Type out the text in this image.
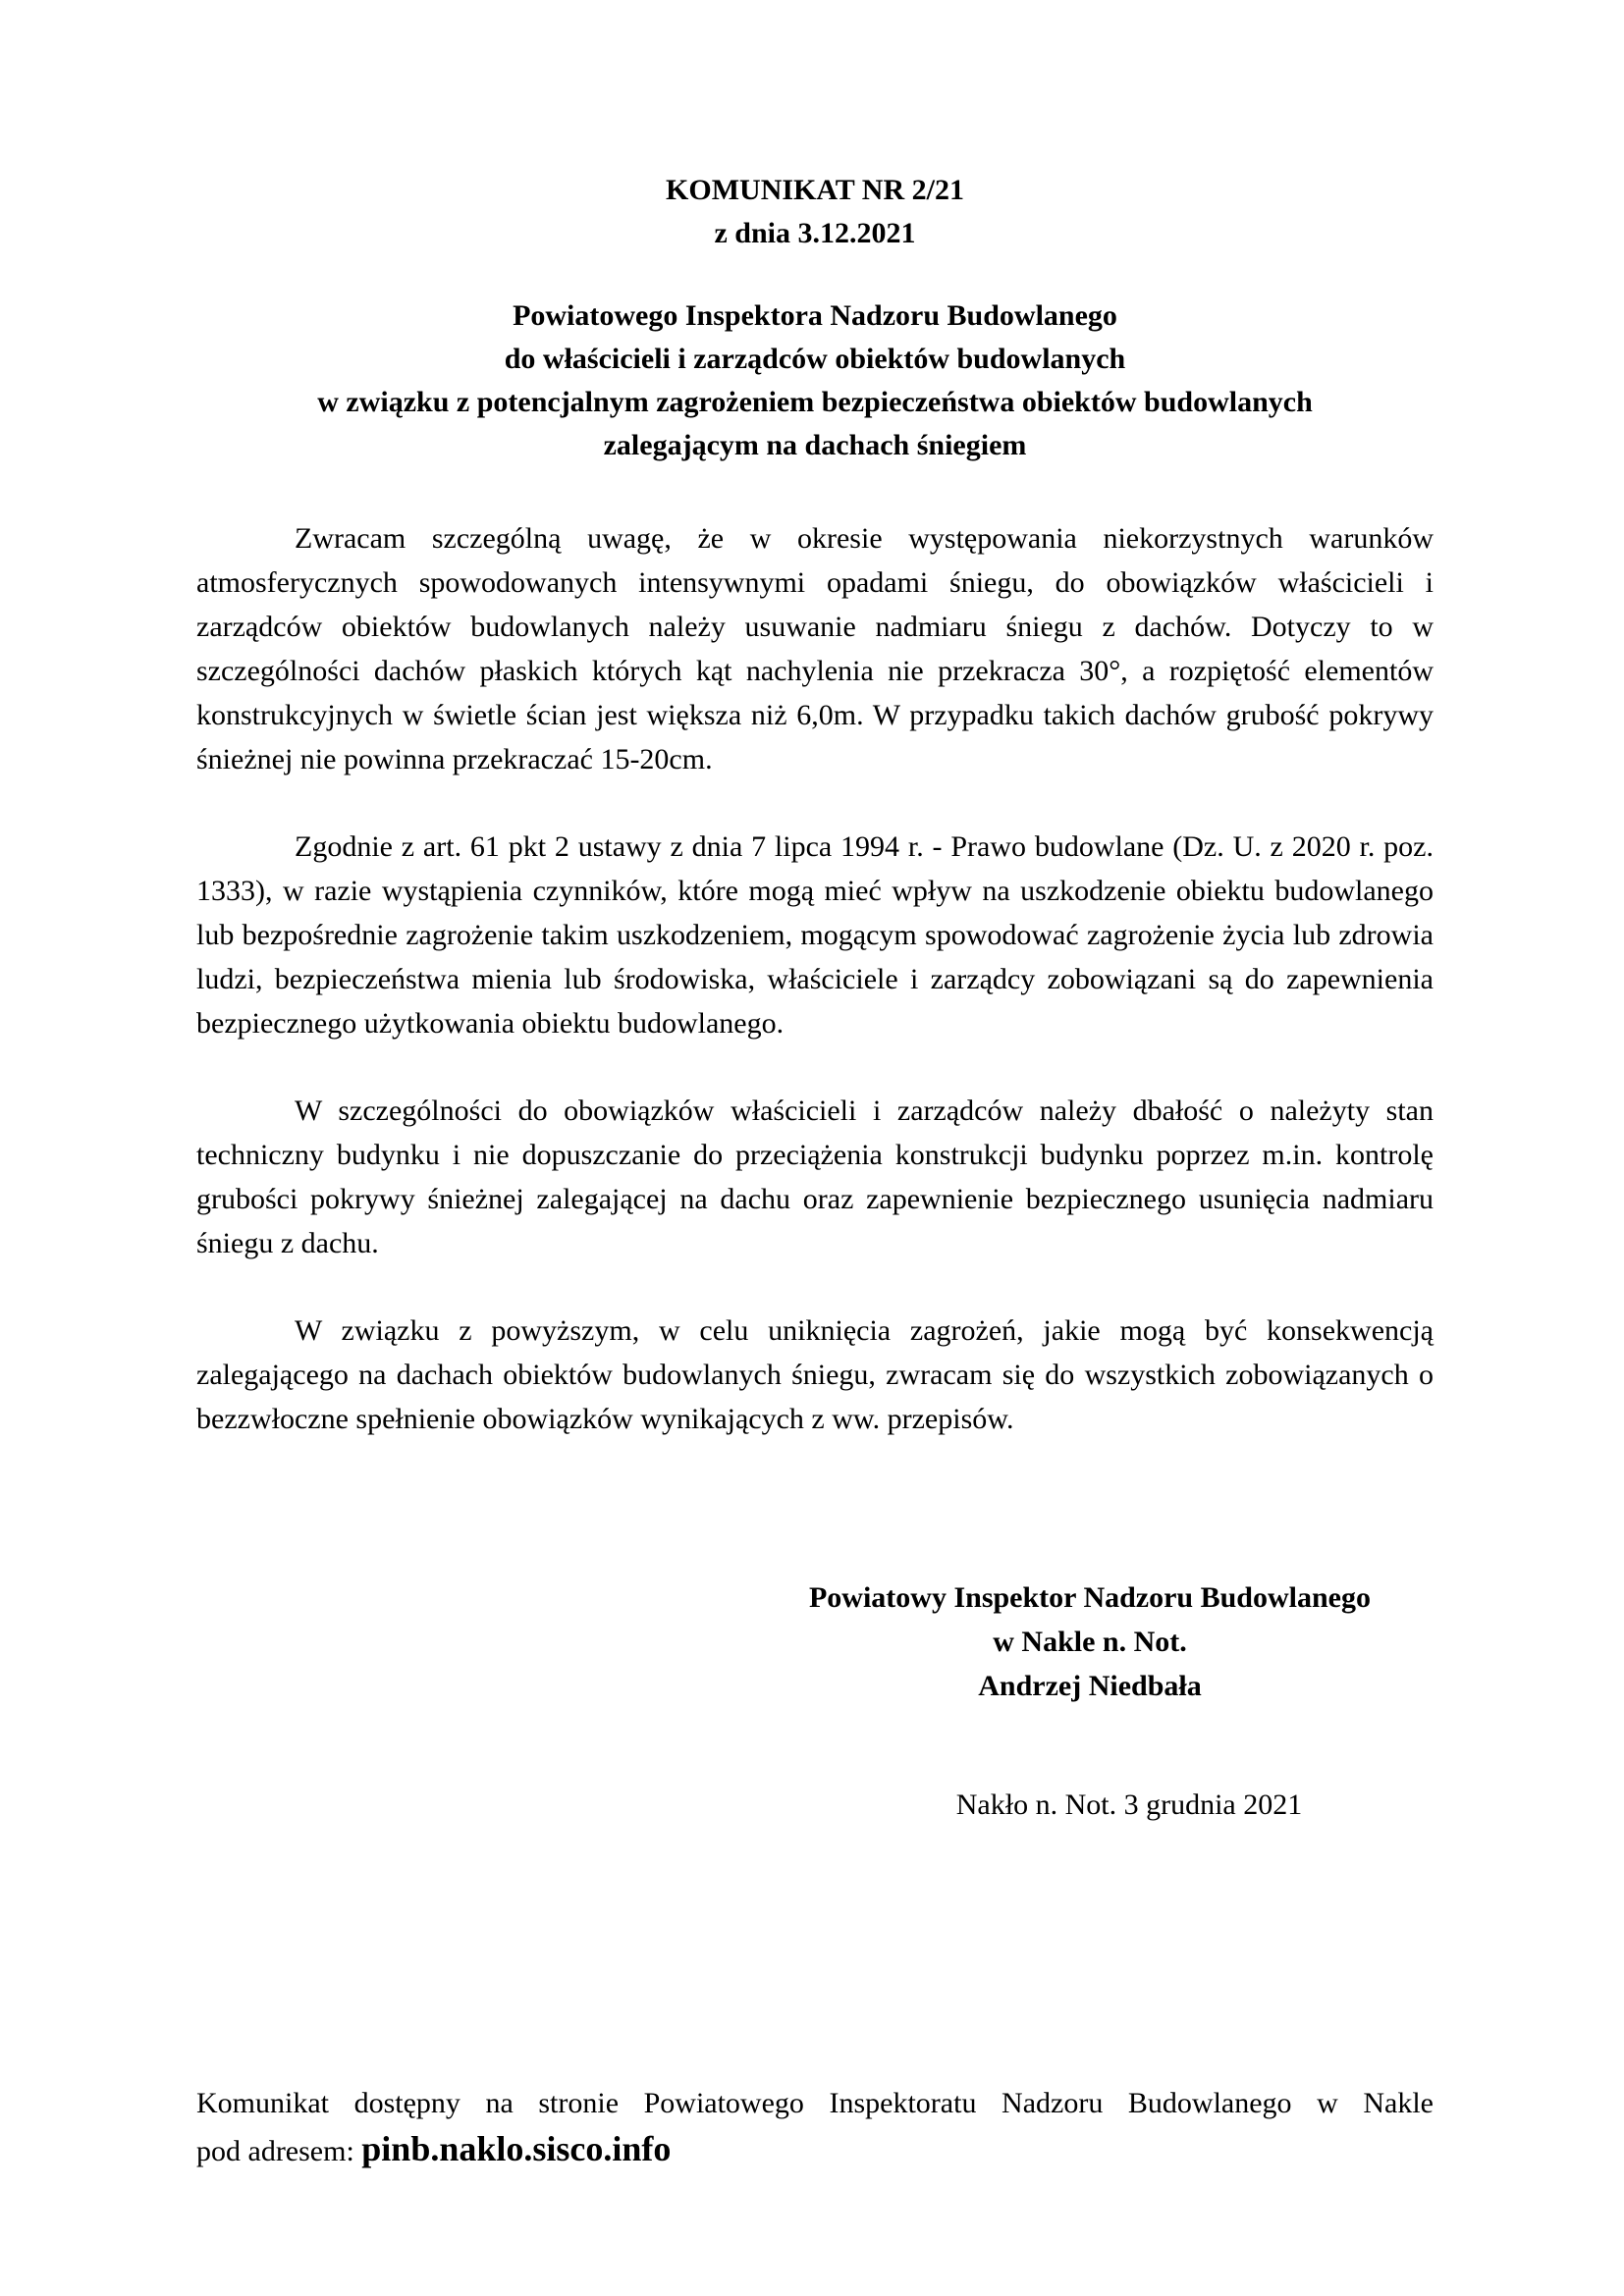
KOMUNIKAT NR 2/21
z dnia 3.12.2021
Powiatowego Inspektora Nadzoru Budowlanego
do właścicieli i zarządców obiektów budowlanych
w związku z potencjalnym zagrożeniem bezpieczeństwa obiektów budowlanych
zalegającym na dachach śniegiem

Zwracam szczególną uwagę, że w okresie występowania niekorzystnych warunków atmosferycznych spowodowanych intensywnymi opadami śniegu, do obowiązków właścicieli i zarządców obiektów budowlanych należy usuwanie nadmiaru śniegu z dachów. Dotyczy to w szczególności dachów płaskich których kąt nachylenia nie przekracza 30°, a rozpiętość elementów konstrukcyjnych w świetle ścian jest większa niż 6,0m. W przypadku takich dachów grubość pokrywy śnieżnej nie powinna przekraczać 15-20cm.

Zgodnie z art. 61 pkt 2 ustawy z dnia 7 lipca 1994 r. - Prawo budowlane (Dz. U. z 2020 r. poz. 1333), w razie wystąpienia czynników, które mogą mieć wpływ na uszkodzenie obiektu budowlanego lub bezpośrednie zagrożenie takim uszkodzeniem, mogącym spowodować zagrożenie życia lub zdrowia ludzi, bezpieczeństwa mienia lub środowiska, właściciele i zarządcy zobowiązani są do zapewnienia bezpiecznego użytkowania obiektu budowlanego.

W szczególności do obowiązków właścicieli i zarządców należy dbałość o należyty stan techniczny budynku i nie dopuszczanie do przeciążenia konstrukcji budynku poprzez m.in. kontrolę grubości pokrywy śnieżnej zalegającej na dachu oraz zapewnienie bezpiecznego usunięcia nadmiaru śniegu z dachu.

W związku z powyższym, w celu uniknięcia zagrożeń, jakie mogą być konsekwencją zalegającego na dachach obiektów budowlanych śniegu, zwracam się do wszystkich zobowiązanych o bezzwłoczne spełnienie obowiązków wynikających z ww. przepisów.

Powiatowy Inspektor Nadzoru Budowlanego
w Nakle n. Not.
Andrzej Niedbała
Nakło n. Not. 3 grudnia 2021
Komunikat dostępny na stronie Powiatowego Inspektoratu Nadzoru Budowlanego w Nakle
pod adresem: pinb.naklo.sisco.info
